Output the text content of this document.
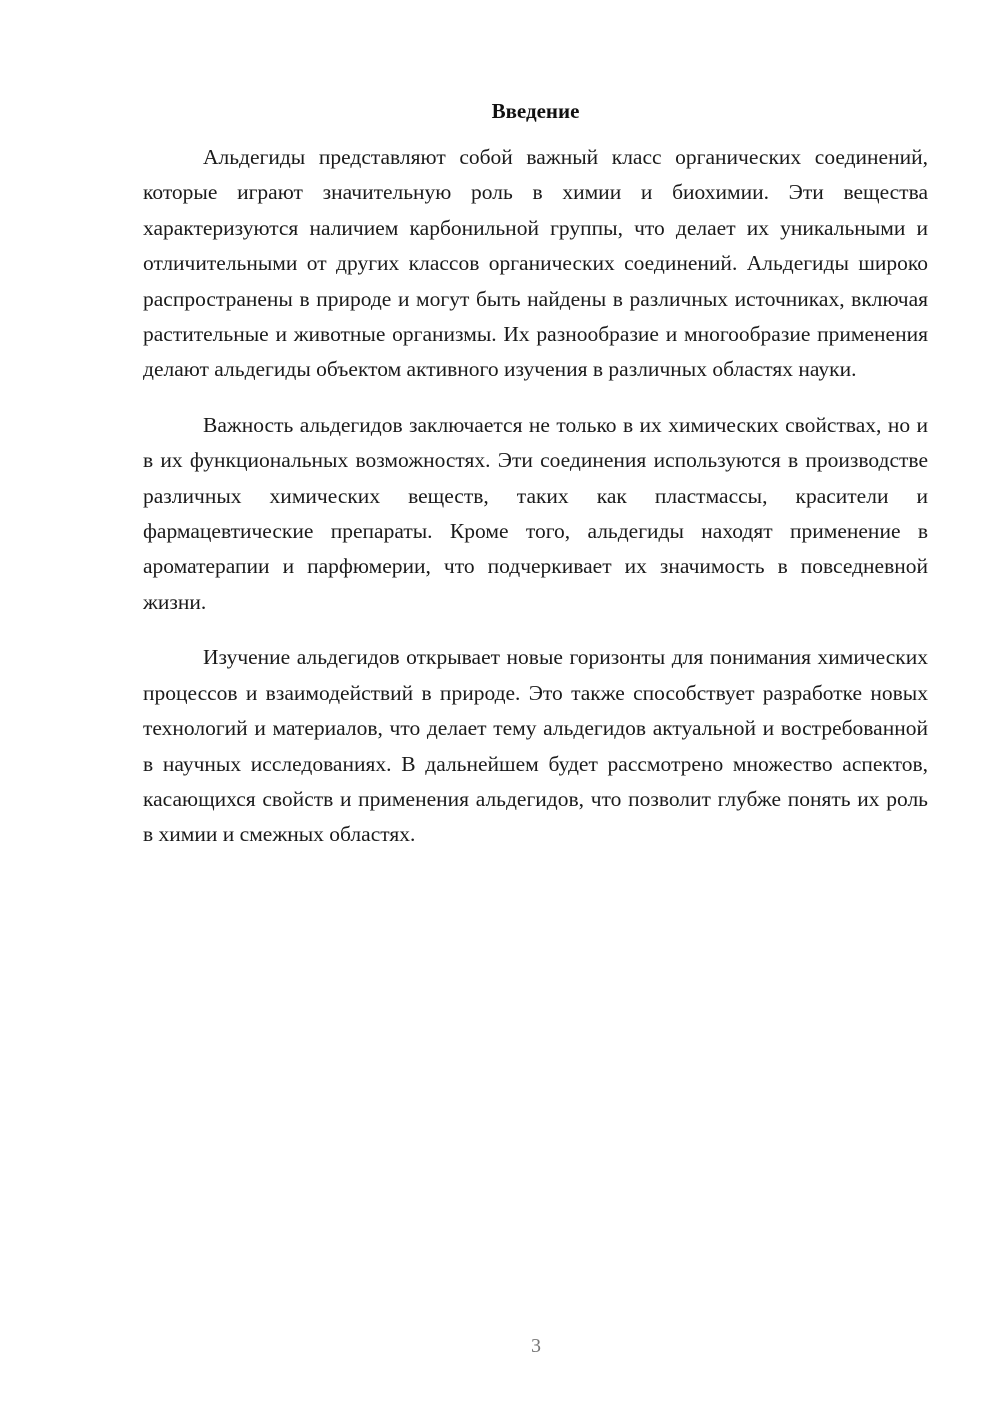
Введение

Альдегиды представляют собой важный класс органических соединений, которые играют значительную роль в химии и биохимии. Эти вещества характеризуются наличием карбонильной группы, что делает их уникальными и отличительными от других классов органических соединений. Альдегиды широко распространены в природе и могут быть найдены в различных источниках, включая растительные и животные организмы. Их разнообразие и многообразие применения делают альдегиды объектом активного изучения в различных областях науки.

Важность альдегидов заключается не только в их химических свойствах, но и в их функциональных возможностях. Эти соединения используются в производстве различных химических веществ, таких как пластмассы, красители и фармацевтические препараты. Кроме того, альдегиды находят применение в ароматерапии и парфюмерии, что подчеркивает их значимость в повседневной жизни.

Изучение альдегидов открывает новые горизонты для понимания химических процессов и взаимодействий в природе. Это также способствует разработке новых технологий и материалов, что делает тему альдегидов актуальной и востребованной в научных исследованиях. В дальнейшем будет рассмотрено множество аспектов, касающихся свойств и применения альдегидов, что позволит глубже понять их роль в химии и смежных областях.

3
